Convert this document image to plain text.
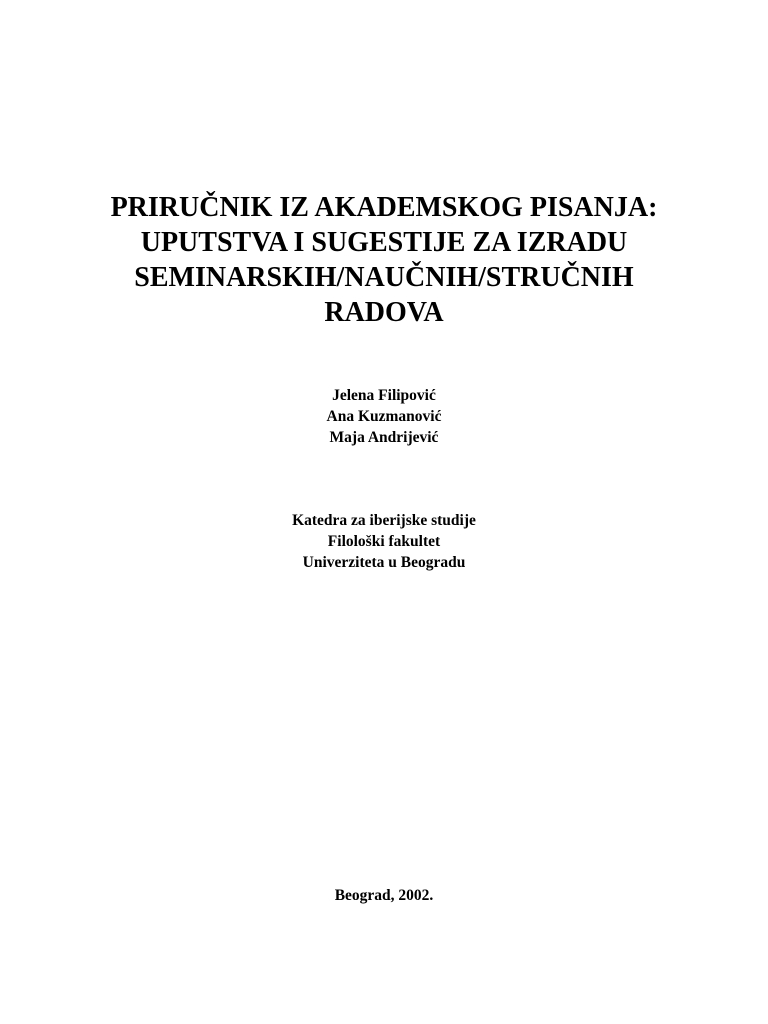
PRIRUČNIK IZ AKADEMSKOG PISANJA:
UPUTSTVA I SUGESTIJE ZA IZRADU
SEMINARSKIH/NAUČNIH/STRUČNIH
RADOVA
Jelena Filipović
Ana Kuzmanović
Maja Andrijević
Katedra za iberijske studije
Filološki fakultet
Univerziteta u Beogradu
Beograd, 2002.
